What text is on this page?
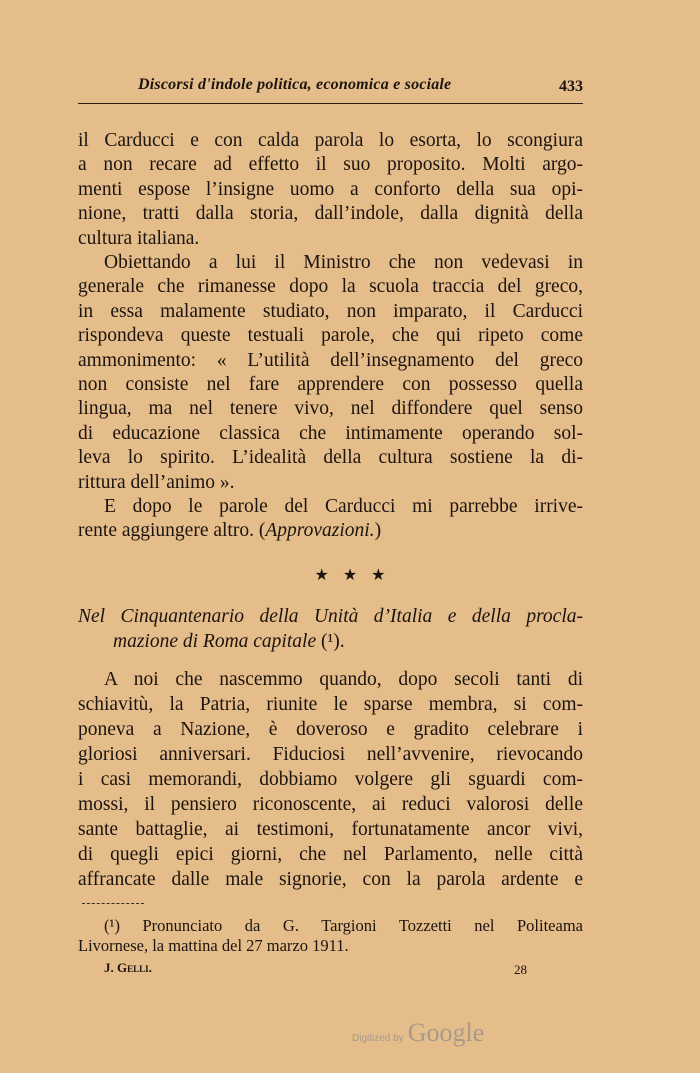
Discorsi d'indole politica, economica e sociale	433
il Carducci e con calda parola lo esorta, lo scongiura
a non recare ad effetto il suo proposito. Molti argo-
menti espose l’insigne uomo a conforto della sua opi-
nione, tratti dalla storia, dall’indole, dalla dignità della
cultura italiana.
Obiettando a lui il Ministro che non vedevasi in
generale che rimanesse dopo la scuola traccia del greco,
in essa malamente studiato, non imparato, il Carducci
rispondeva queste testuali parole, che qui ripeto come
ammonimento: « L’utilità dell’insegnamento del greco
non consiste nel fare apprendere con possesso quella
lingua, ma nel tenere vivo, nel diffondere quel senso
di educazione classica che intimamente operando sol-
leva lo spirito. L’idealità della cultura sostiene la di-
rittura dell’animo ».
E dopo le parole del Carducci mi parrebbe irrive-
rente aggiungere altro. (Approvazioni.)
Nel Cinquantenario della Unità d’Italia e della procla-
mazione di Roma capitale (¹).
A noi che nascemmo quando, dopo secoli tanti di
schiavitù, la Patria, riunite le sparse membra, si com-
poneva a Nazione, è doveroso e gradito celebrare i
gloriosi anniversari. Fiduciosi nell’avvenire, rievocando
i casi memorandi, dobbiamo volgere gli sguardi com-
mossi, il pensiero riconoscente, ai reduci valorosi delle
sante battaglie, ai testimoni, fortunatamente ancor vivi,
di quegli epici giorni, che nel Parlamento, nelle città
affrancate dalle male signorie, con la parola ardente e
★ ★ ★
(¹) Pronunciato da G. Targioni Tozzetti nel Politeama
Livornese, la mattina del 27 marzo 1911.
J. Gelli.	28
Digitized by Google
